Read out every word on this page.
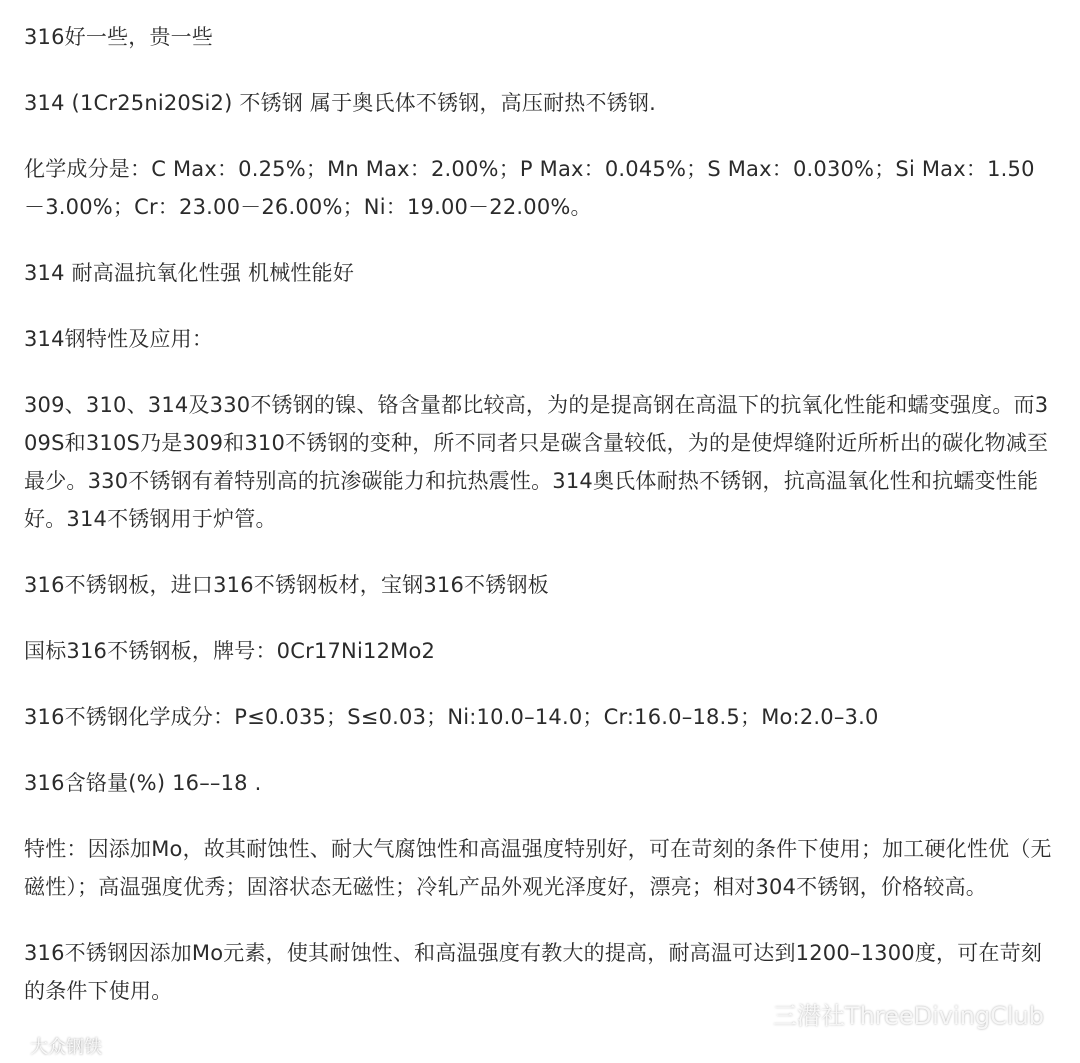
316好一些，贵一些

314 (1Cr25ni20Si2) 不锈钢 属于奥氏体不锈钢，高压耐热不锈钢.

化学成分是：C Max：0.25%；Mn Max：2.00%；P Max：0.045%；S Max：0.030%；Si Max：1.50－3.00%；Cr：23.00－26.00%；Ni：19.00－22.00%。

314 耐高温抗氧化性强 机械性能好

314钢特性及应用：

309、310、314及330不锈钢的镍、铬含量都比较高，为的是提高钢在高温下的抗氧化性能和蠕变强度。而309S和310S乃是309和310不锈钢的变种，所不同者只是碳含量较低，为的是使焊缝附近所析出的碳化物减至最少。330不锈钢有着特别高的抗渗碳能力和抗热震性。314奥氏体耐热不锈钢，抗高温氧化性和抗蠕变性能好。314不锈钢用于炉管。

316不锈钢板，进口316不锈钢板材，宝钢316不锈钢板

国标316不锈钢板，牌号：0Cr17Ni12Mo2

316不锈钢化学成分：P≤0.035；S≤0.03；Ni:10.0–14.0；Cr:16.0–18.5；Mo:2.0–3.0

316含铬量(%) 16––18 .

特性：因添加Mo，故其耐蚀性、耐大气腐蚀性和高温强度特别好，可在苛刻的条件下使用；加工硬化性优（无磁性）；高温强度优秀；固溶状态无磁性；冷轧产品外观光泽度好，漂亮；相对304不锈钢，价格较高。

316不锈钢因添加Mo元素，使其耐蚀性、和高温强度有教大的提高，耐高温可达到1200–1300度，可在苛刻的条件下使用。

三潜社ThreeDivingClub
大众钢铁
